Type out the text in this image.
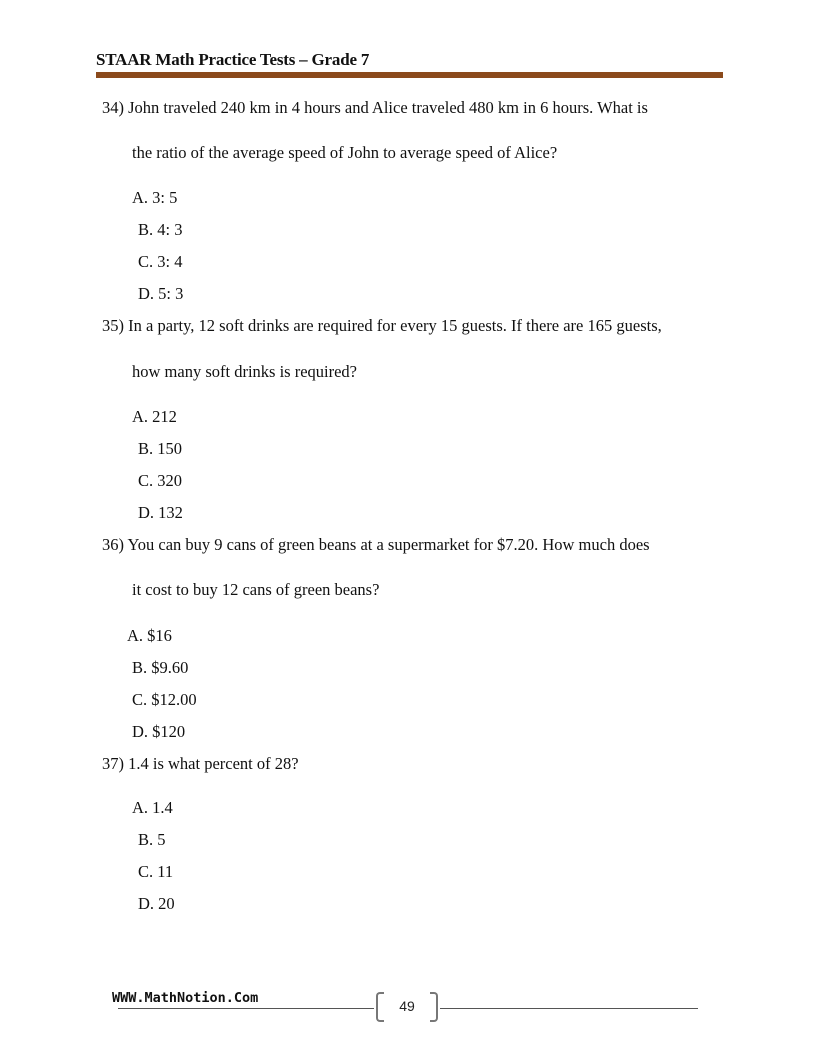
STAAR Math Practice Tests – Grade 7
34) John traveled 240 km in 4 hours and Alice traveled 480 km in 6 hours. What is
the ratio of the average speed of John to average speed of Alice?
A. 3: 5
B. 4: 3
C. 3: 4
D. 5: 3
35) In a party, 12 soft drinks are required for every 15 guests. If there are 165 guests,
how many soft drinks is required?
A. 212
B. 150
C. 320
D. 132
36) You can buy 9 cans of green beans at a supermarket for $7.20. How much does
it cost to buy 12 cans of green beans?
A. $16
B. $9.60
C. $12.00
D. $120
37) 1.4 is what percent of 28?
A. 1.4
B. 5
C. 11
D. 20
WWW.MathNotion.Com	49
